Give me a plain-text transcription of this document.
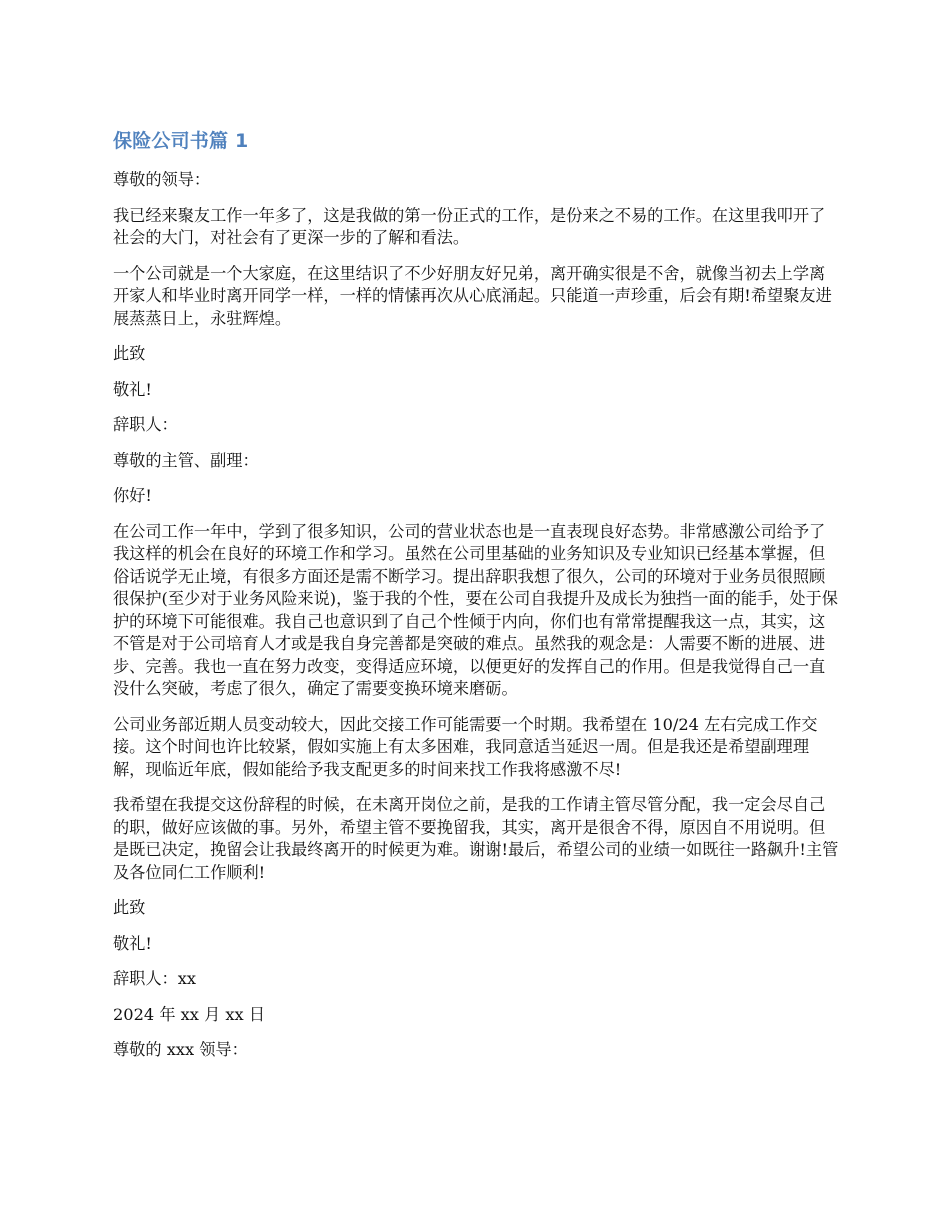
保险公司书篇 1

尊敬的领导：

我已经来聚友工作一年多了，这是我做的第一份正式的工作，是份来之不易的工作。在这里我叩开了社会的大门，对社会有了更深一步的了解和看法。

一个公司就是一个大家庭，在这里结识了不少好朋友好兄弟，离开确实很是不舍，就像当初去上学离开家人和毕业时离开同学一样，一样的情愫再次从心底涌起。只能道一声珍重，后会有期!希望聚友进展蒸蒸日上，永驻辉煌。

此致

敬礼!

辞职人：

尊敬的主管、副理：

你好!

在公司工作一年中，学到了很多知识，公司的营业状态也是一直表现良好态势。非常感激公司给予了我这样的机会在良好的环境工作和学习。虽然在公司里基础的业务知识及专业知识已经基本掌握，但俗话说学无止境，有很多方面还是需不断学习。提出辞职我想了很久，公司的环境对于业务员很照顾很保护(至少对于业务风险来说)，鉴于我的个性，要在公司自我提升及成长为独挡一面的能手，处于保护的环境下可能很难。我自己也意识到了自己个性倾于内向，你们也有常常提醒我这一点，其实，这不管是对于公司培育人才或是我自身完善都是突破的难点。虽然我的观念是：人需要不断的进展、进步、完善。我也一直在努力改变，变得适应环境，以便更好的发挥自己的作用。但是我觉得自己一直没什么突破，考虑了很久，确定了需要变换环境来磨砺。

公司业务部近期人员变动较大，因此交接工作可能需要一个时期。我希望在 10/24 左右完成工作交接。这个时间也许比较紧，假如实施上有太多困难，我同意适当延迟一周。但是我还是希望副理理解，现临近年底，假如能给予我支配更多的时间来找工作我将感激不尽!

我希望在我提交这份辞程的时候，在未离开岗位之前，是我的工作请主管尽管分配，我一定会尽自己的职，做好应该做的事。另外，希望主管不要挽留我，其实，离开是很舍不得，原因自不用说明。但是既已决定，挽留会让我最终离开的时候更为难。谢谢!最后，希望公司的业绩一如既往一路飙升!主管及各位同仁工作顺利!

此致

敬礼!

辞职人：xx

2024 年 xx 月 xx 日

尊敬的 xxx 领导：
